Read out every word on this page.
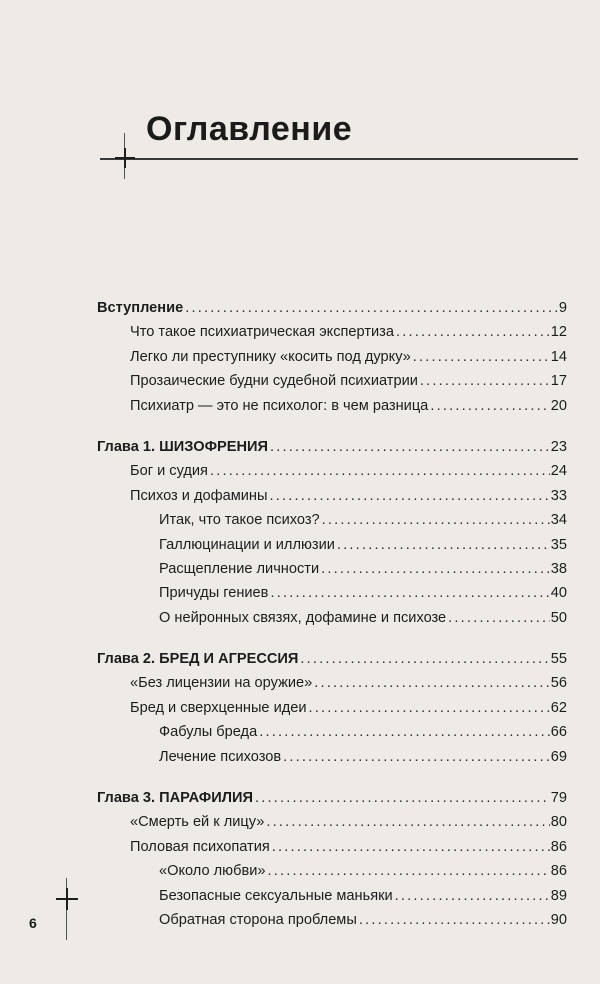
Оглавление
Вступление .....	9
Что такое психиатрическая экспертиза .....	12
Легко ли преступнику «косить под дурку» .....	14
Прозаические будни судебной психиатрии .....	17
Психиатр — это не психолог: в чем разница .....	20
Глава 1. ШИЗОФРЕНИЯ .....	23
Бог и судия .....	24
Психоз и дофамины .....	33
Итак, что такое психоз? .....	34
Галлюцинации и иллюзии .....	35
Расщепление личности .....	38
Причуды гениев .....	40
О нейронных связях, дофамине и психозе .....	50
Глава 2. БРЕД И АГРЕССИЯ .....	55
«Без лицензии на оружие» .....	56
Бред и сверхценные идеи .....	62
Фабулы бреда .....	66
Лечение психозов .....	69
Глава 3. ПАРАФИЛИЯ .....	79
«Смерть ей к лицу» .....	80
Половая психопатия .....	86
«Около любви» .....	86
Безопасные сексуальные маньяки .....	89
Обратная сторона проблемы .....	90
6
